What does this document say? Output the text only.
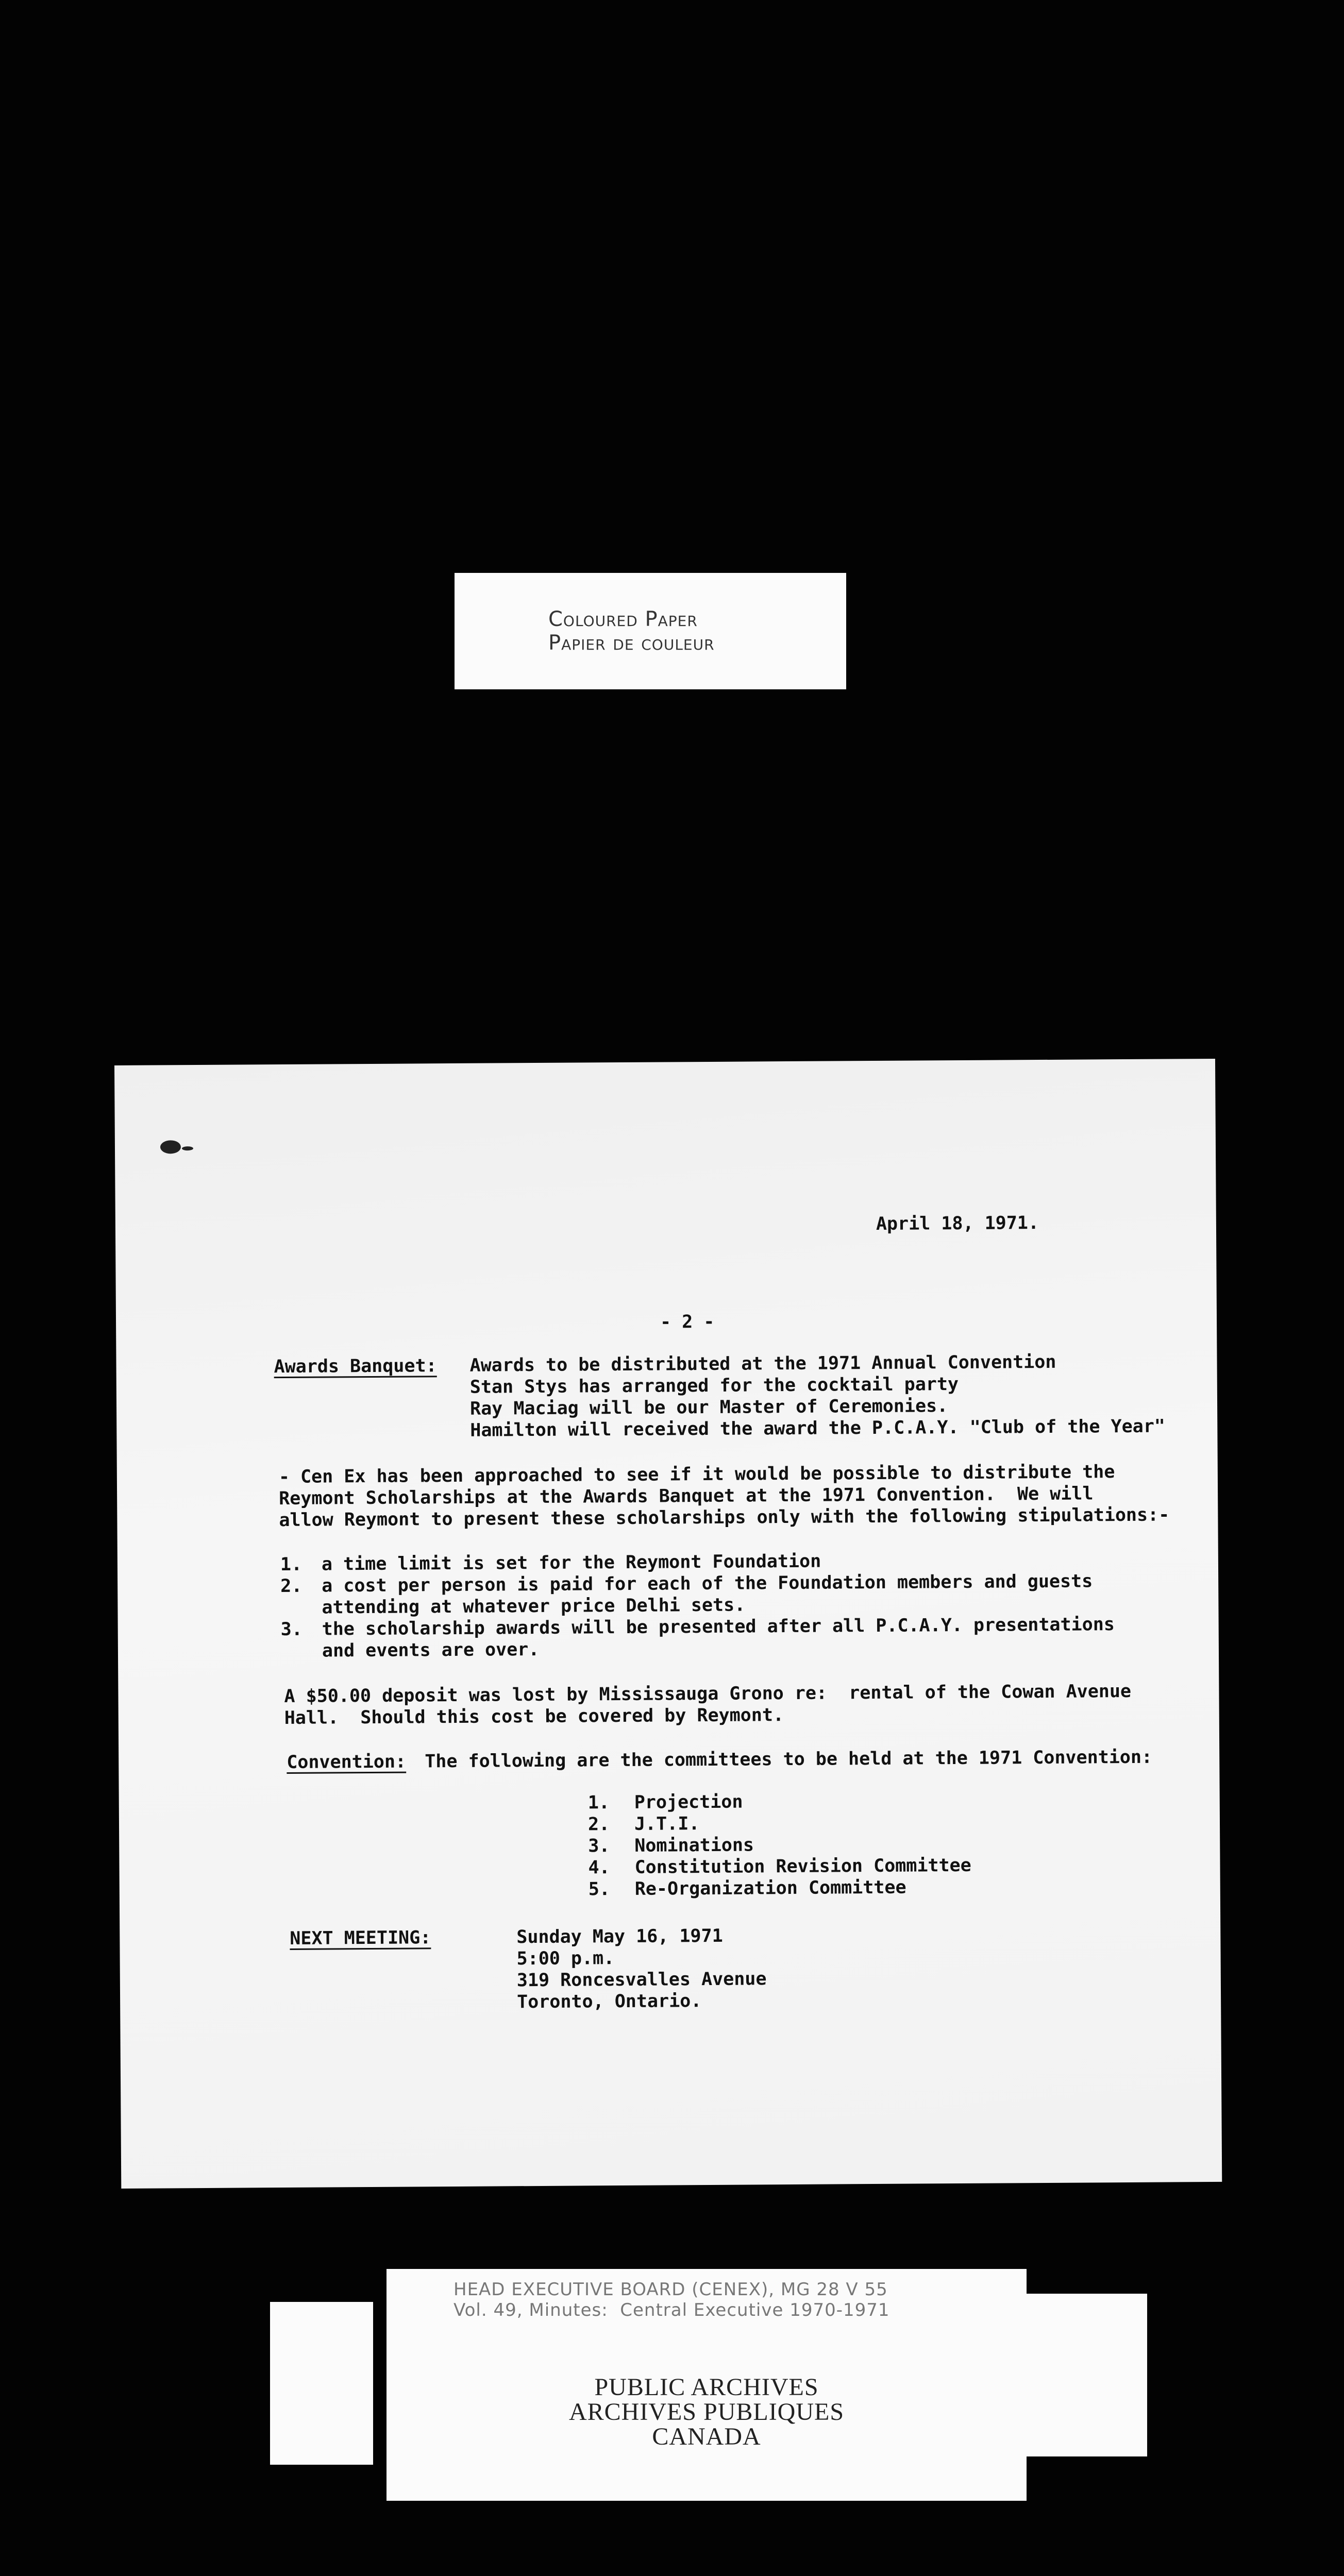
Coloured Paper
Papier de couleur
April 18, 1971.
- 2 -
Awards Banquet: Awards to be distributed at the 1971 Annual Convention
Stan Stys has arranged for the cocktail party
Ray Maciag will be our Master of Ceremonies.
Hamilton will received the award the P.C.A.Y. "Club of the Year"
- Cen Ex has been approached to see if it would be possible to distribute the
Reymont Scholarships at the Awards Banquet at the 1971 Convention.  We will
allow Reymont to present these scholarships only with the following stipulations:-
1. a time limit is set for the Reymont Foundation
2. a cost per person is paid for each of the Foundation members and guests
attending at whatever price Delhi sets.
3. the scholarship awards will be presented after all P.C.A.Y. presentations
and events are over.
A $50.00 deposit was lost by Mississauga Grono re:  rental of the Cowan Avenue
Hall.  Should this cost be covered by Reymont.
Convention: The following are the committees to be held at the 1971 Convention:
1. Projection
2. J.T.I.
3. Nominations
4. Constitution Revision Committee
5. Re-Organization Committee
NEXT MEETING:	Sunday May 16, 1971
5:00 p.m.
319 Roncesvalles Avenue
Toronto, Ontario.
HEAD EXECUTIVE BOARD (CENEX), MG 28 V 55
Vol. 49, Minutes:  Central Executive 1970-1971
PUBLIC ARCHIVES
ARCHIVES PUBLIQUES
CANADA
